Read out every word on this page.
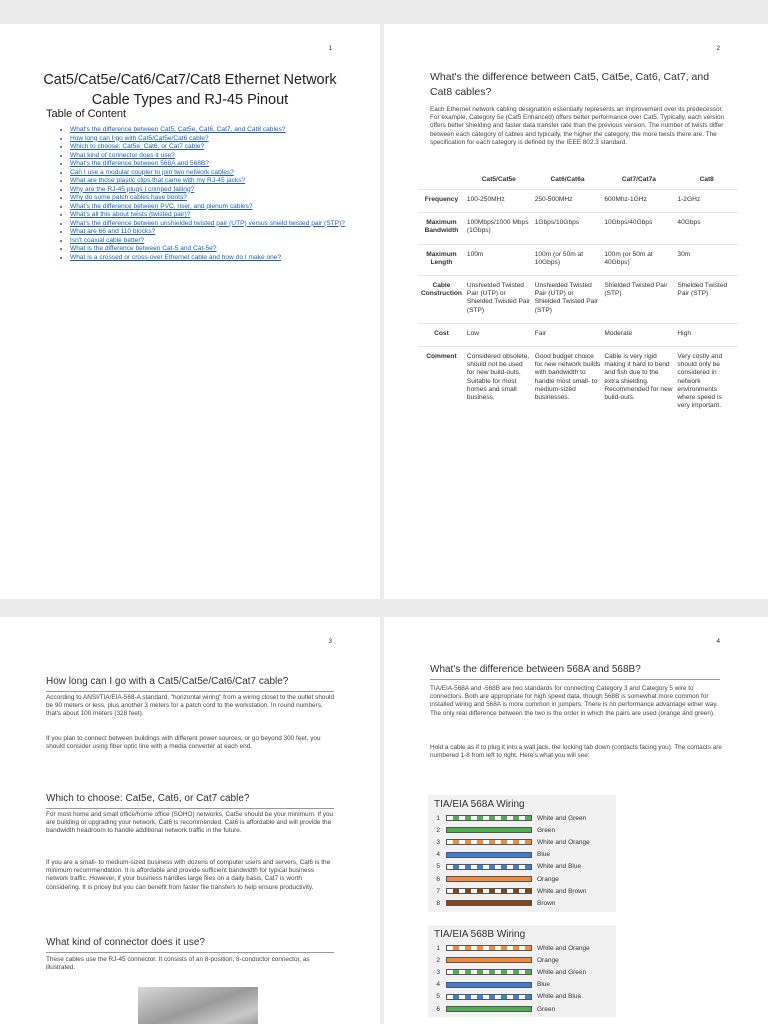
1
Cat5/Cat5e/Cat6/Cat7/Cat8 Ethernet Network Cable Types and RJ-45 Pinout
Table of Content
• What's the difference between Cat5, Cat5e, Cat6, Cat7, and Cat8 cables?
• How long can I go with Cat5/Cat5e/Cat6 cable?
• Which to choose: Cat5e, Cat6, or Cat7 cable?
• What kind of connector does it use?
• What's the difference between 568A and 568B?
• Can I use a modular coupler to join two network cables?
• What are those plastic clips that came with my RJ-45 jacks?
• Why are the RJ-45 plugs I crimped failing?
• Why do some patch cables have boots?
• What's the difference between PVC, riser, and plenum cables?
• What's all this about twists (twisted pair)?
• What's the difference between unshielded twisted pair (UTP) versus shield twisted pair (STP)?
• What are 66 and 110 blocks?
• Isn't coaxial cable better?
• What is the difference between Cat-5 and Cat-5e?
• What is a crossed or cross-over Ethernet cable and how do I make one?
2
What's the difference between Cat5, Cat5e, Cat6, Cat7, and Cat8 cables?

Each Ethernet network cabling designation essentially represents an improvement over its predecessor. For example, Category 5e (Cat5 Enhanced) offers better performance over Cat5. Typically, each version offers better shielding and faster data transfer rate than the previous version. The number of twists differ between each category of cables and typically, the higher the category, the more twists there are. The specification for each category is defined by the IEEE 802.3 standard.

	Cat5/Cat5e	Cat6/Cat6a	Cat7/Cat7a	Cat8
Frequency	100-250MHz	250-500MHz	600Mhz-1GHz	1-2GHz
Maximum Bandwidth	100Mbps/1000 Mbps (1Gbps)	1Gbps/10Gbps	10Gbps/40Gbps	40Gbps
Maximum Length	100m	100m (or 50m at 10Gbps)	100m (or 50m at 40Gbps)	30m
Cable Construction	Unshielded Twisted Pair (UTP) or Shielded Twisted Pair (STP)	Unshielded Twisted Pair (UTP) or Shielded Twisted Pair (STP)	Shielded Twisted Pair (STP)	Shielded Twisted Pair (STP)
Cost	Low	Fair	Moderate	High
Comment	Considered obsolete, should not be used for new build-outs. Suitable for most homes and small business.	Good budget choice for new network builds with bandwidth to handle most small- to medium-sized businesses.	Cable is very rigid making it hard to bend and fish due to the extra shielding. Recommended for new build-outs.	Very costly and should only be considered in network environments where speed is very important.
3
How long can I go with a Cat5/Cat5e/Cat6/Cat7 cable?

According to ANSI/TIA/EIA-568-A standard, "horizontal wiring" from a wiring closet to the outlet should be 90 meters or less, plus another 3 meters for a patch cord to the workstation. In round numbers, that's about 100 meters (328 feet).

If you plan to connect between buildings with different power sources, or go beyond 300 feet, you should consider using fiber optic line with a media converter at each end.

Which to choose: Cat5e, Cat6, or Cat7 cable?

For most home and small office/home office (SOHO) networks, Cat5e should be your minimum. If you are building or upgrading your network, Cat6 is recommended. Cat6 is affordable and will provide the bandwidth headroom to handle additional network traffic in the future.

If you are a small- to medium-sized business with dozens of computer users and servers, Cat6 is the minimum recommendation. It is affordable and provide sufficient bandwidth for typical business network traffic. However, if your business handles large files on a daily basis, Cat7 is worth considering. It is pricey but you can benefit from faster file transfers to help ensure productivity.

What kind of connector does it use?

These cables use the RJ-45 connector. It consists of an 8-position, 8-conductor connector, as illustrated.

4
What's the difference between 568A and 568B?

TIA/EIA-568A and -568B are two standards for connecting Category 3 and Category 5 wire to connectors. Both are appropriate for high speed data, though 568B is somewhat more common for installed wiring and 568A is more common in jumpers. There is no performance advantage either way. The only real difference between the two is the order in which the pairs are used (orange and green).

Hold a cable as if to plug it into a wall jack, the locking tab down (contacts facing you). The contacts are numbered 1-8 from left to right. Here's what you will see:

TIA/EIA 568A Wiring
1	White and Green
2	Green
3	White and Orange
4	Blue
5	White and Blue
6	Orange
7	White and Brown
8	Brown
TIA/EIA 568B Wiring
1	White and Orange
2	Orange
3	White and Green
4	Blue
5	White and Blue
6	Green
